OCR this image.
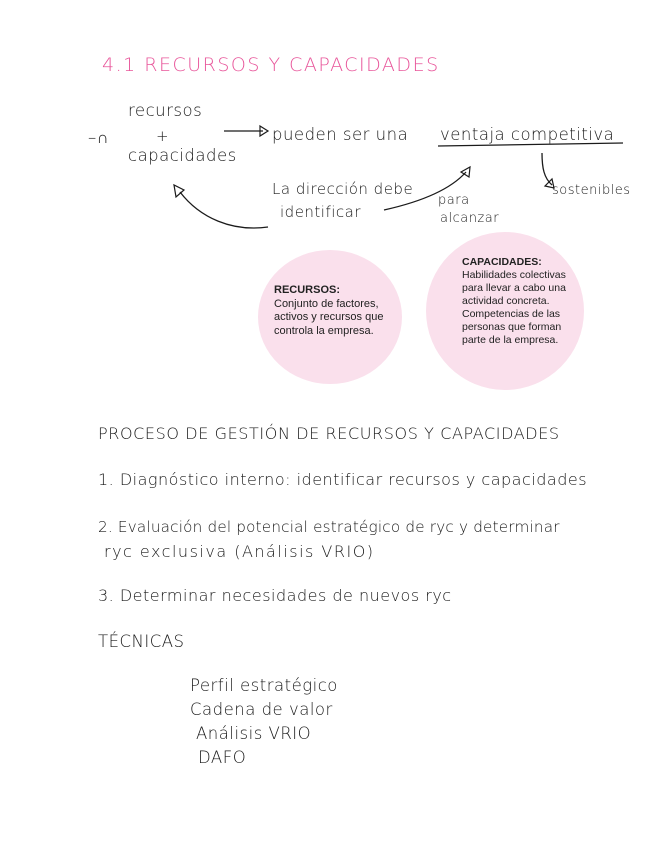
4.1 RECURSOS Y CAPACIDADES
RECURSOS:
Conjunto de factores, activos y recursos que controla la empresa.
CAPACIDADES:
Habilidades colectivas para llevar a cabo una actividad concreta. Competencias de las personas que forman parte de la empresa.
–∩
recursos
+
capacidades
pueden ser una ventaja competitiva
sostenibles
La dirección debe
identificar
para
alcanzar
PROCESO DE GESTIÓN DE RECURSOS Y CAPACIDADES
1. Diagnóstico interno: identificar recursos y capacidades
2. Evaluación del potencial estratégico de ryc y determinar
ryc exclusiva (Análisis VRIO)
3. Determinar necesidades de nuevos ryc
TÉCNICAS
Perfil estratégico
Cadena de valor
Análisis VRIO
DAFO
